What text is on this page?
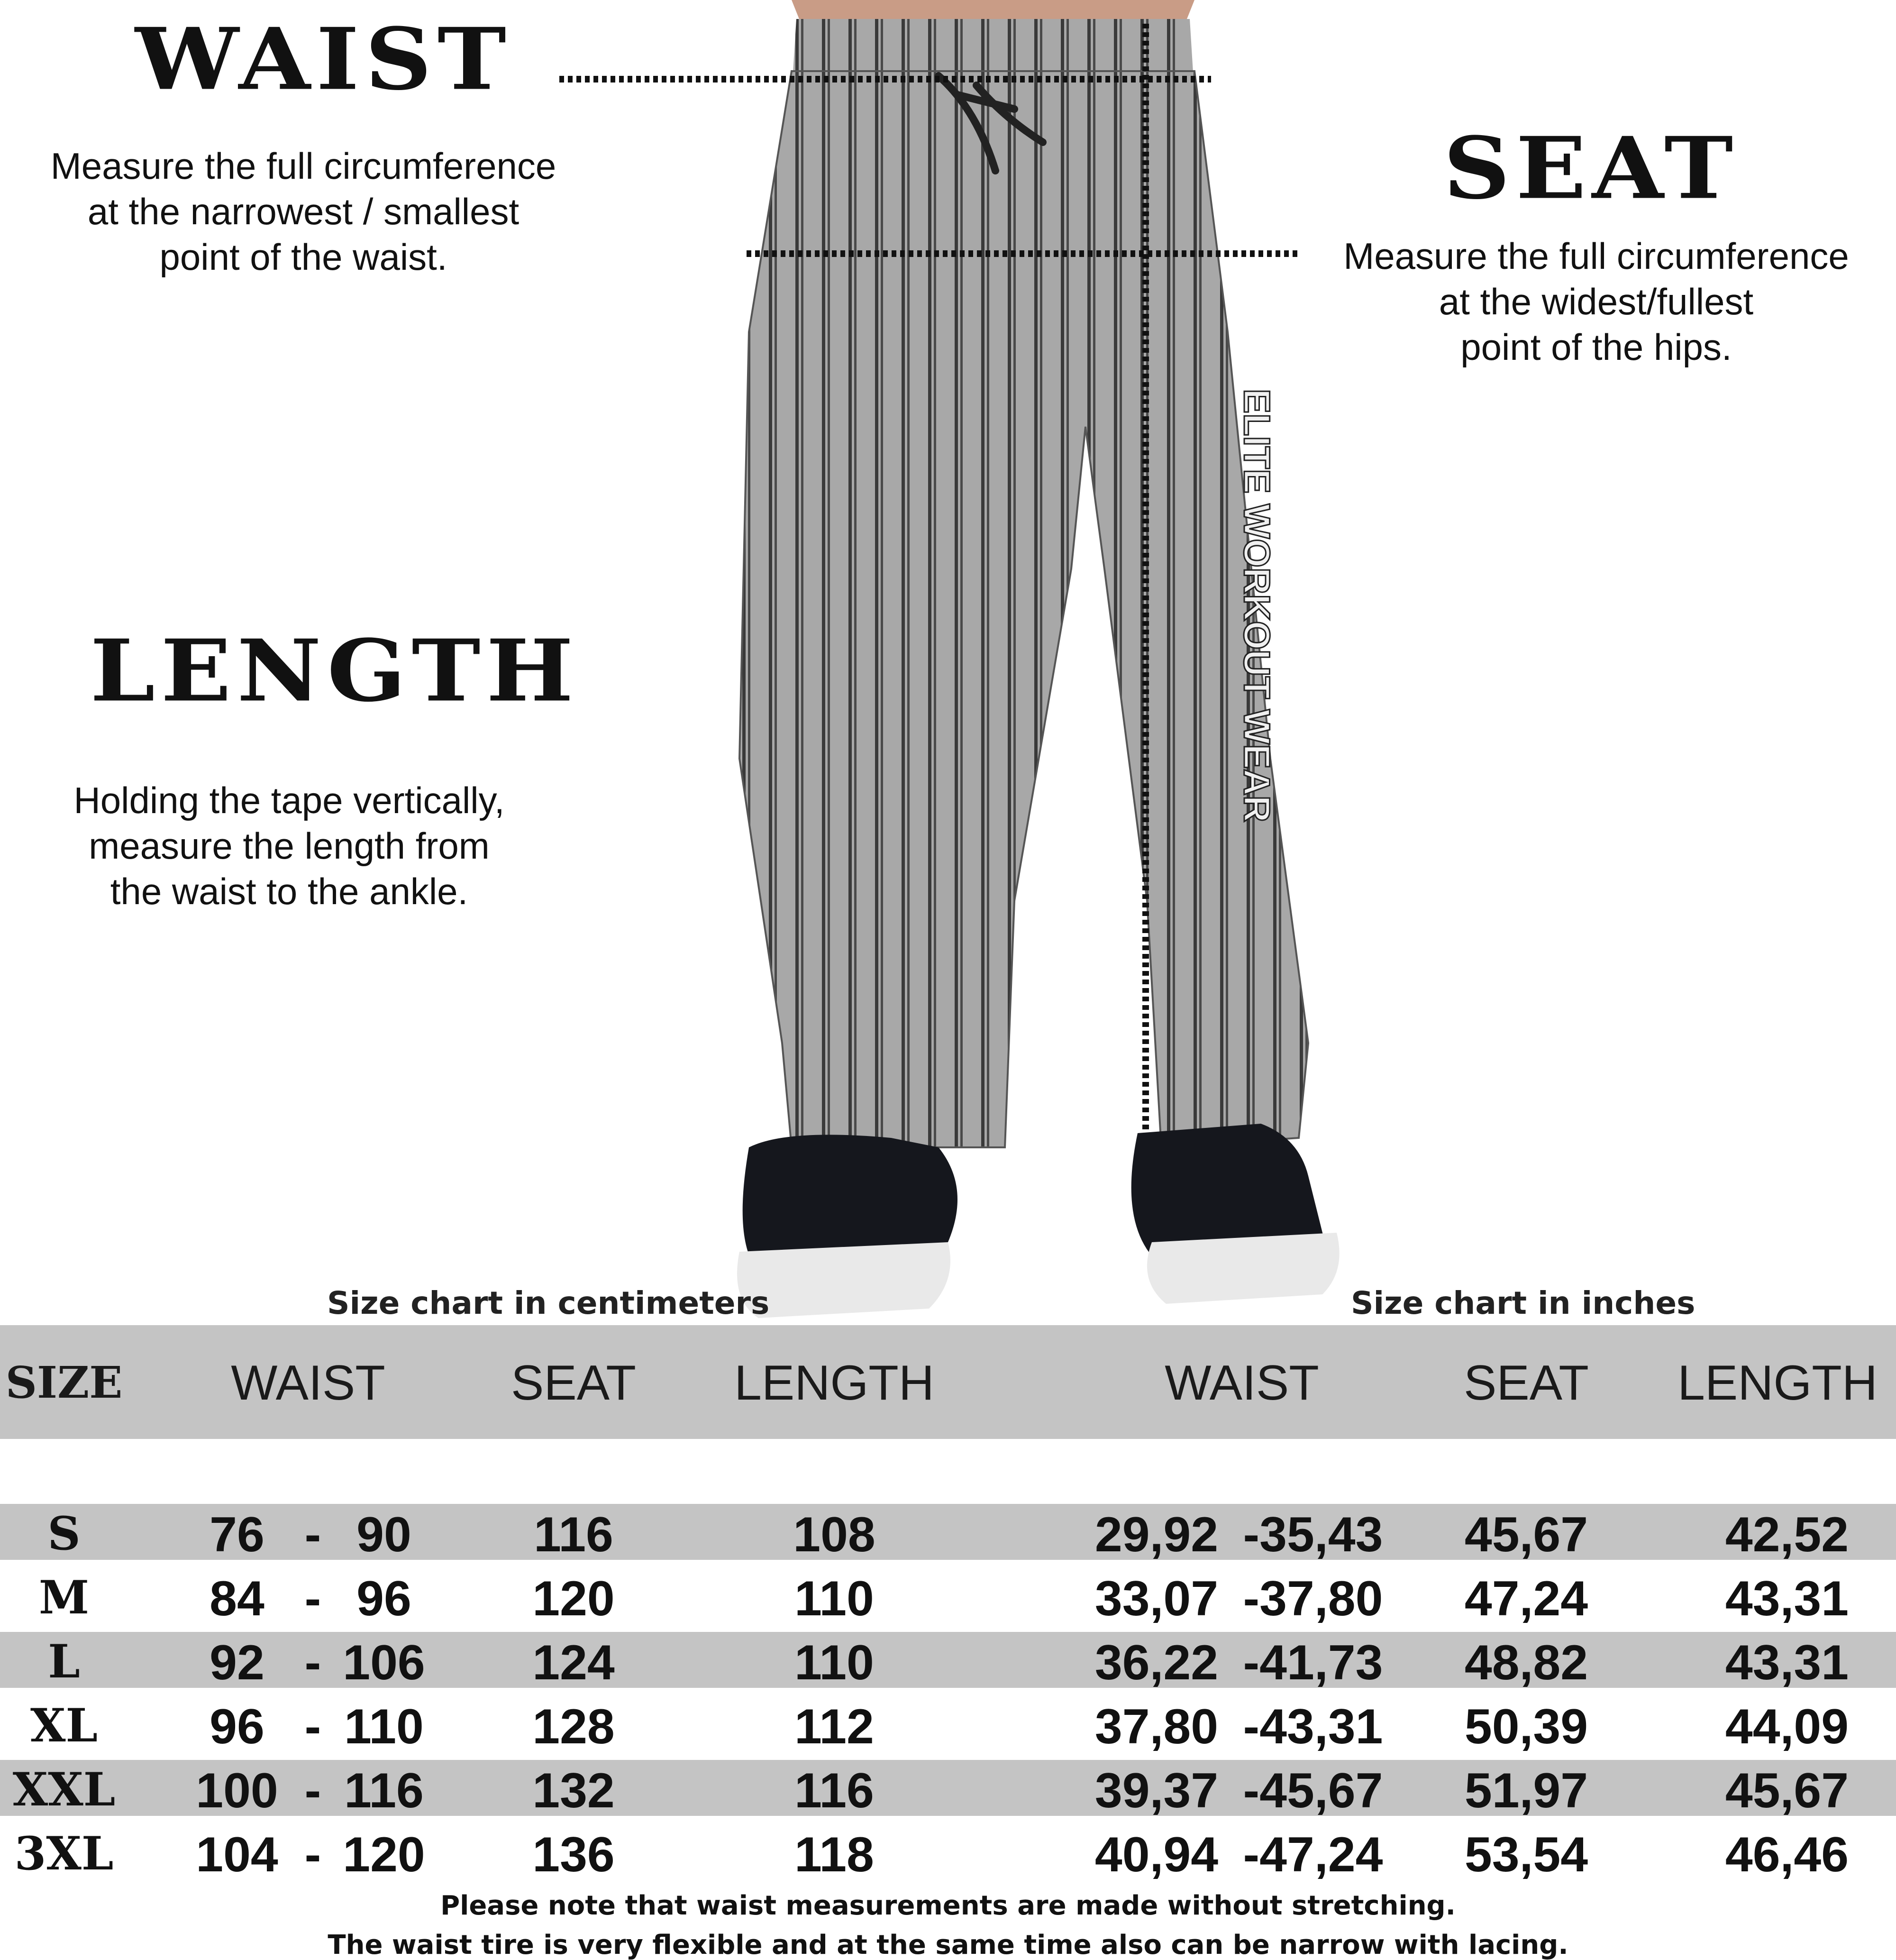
ELITE WORKOUT WEAR
WAIST
Measure the full circumference
at the narrowest / smallest
point of the waist.
SEAT
Measure the full circumference
at the widest/fullest
point of the hips.
LENGTH
Holding the tape vertically,
measure the length from
the waist to the ankle.
Size chart in centimeters	Size chart in inches
SIZE	WAIST	SEAT	LENGTH	WAIST	SEAT	LENGTH
S	76 - 90	116	108	29,92 -35,43	45,67	42,52
M	84 - 96	120	110	33,07 -37,80	47,24	43,31
L	92 - 106	124	110	36,22 -41,73	48,82	43,31
XL	96 - 110	128	112	37,80 -43,31	50,39	44,09
XXL	100 - 116	132	116	39,37 -45,67	51,97	45,67
3XL	104 - 120	136	118	40,94 -47,24	53,54	46,46
Please note that waist measurements are made without stretching.
The waist tire is very flexible and at the same time also can be narrow with lacing.
